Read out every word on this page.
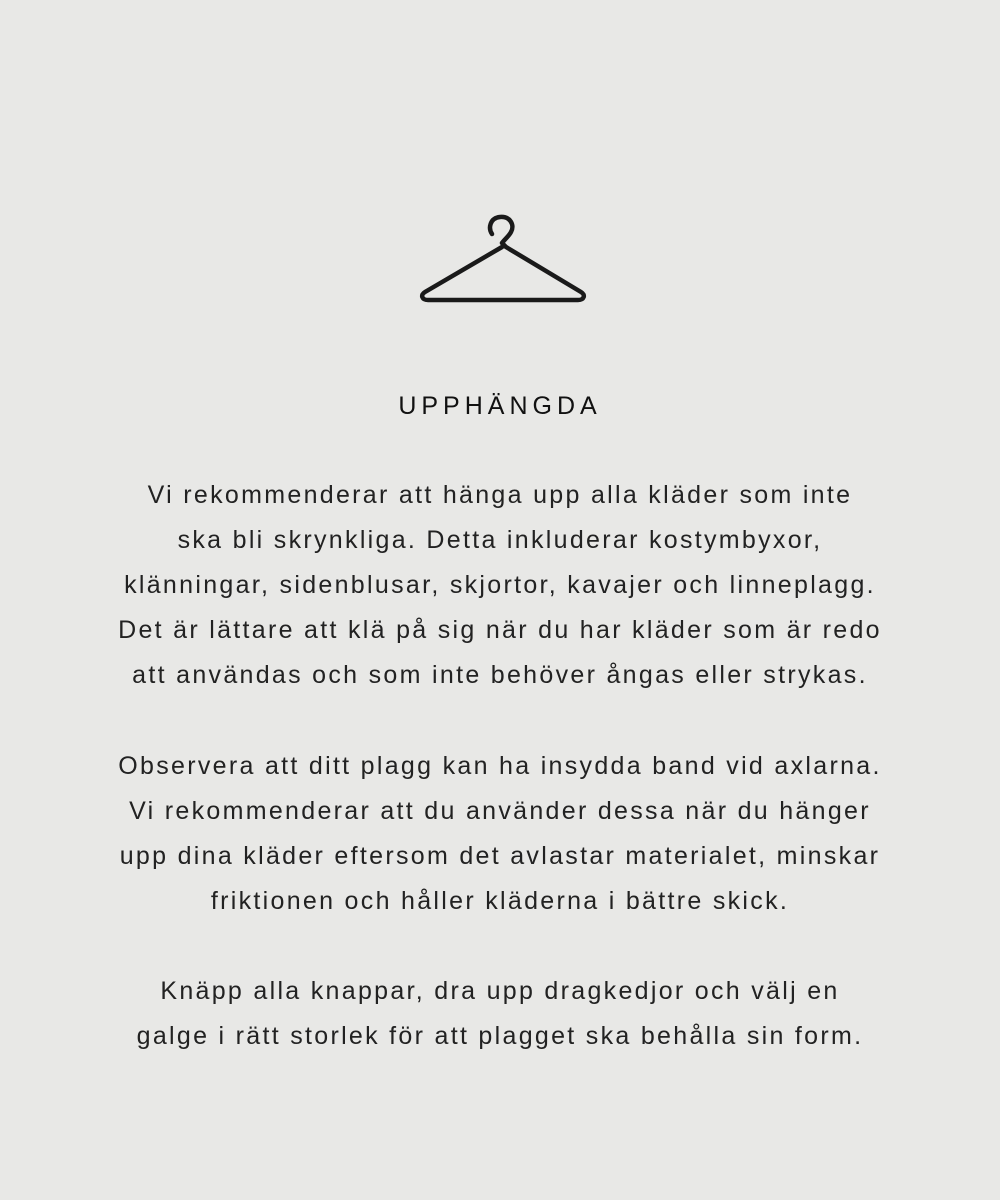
UPPHÄNGDA

Vi rekommenderar att hänga upp alla kläder som inte
ska bli skrynkliga. Detta inkluderar kostymbyxor,
klänningar, sidenblusar, skjortor, kavajer och linneplagg.
Det är lättare att klä på sig när du har kläder som är redo
att användas och som inte behöver ångas eller strykas.

Observera att ditt plagg kan ha insydda band vid axlarna.
Vi rekommenderar att du använder dessa när du hänger
upp dina kläder eftersom det avlastar materialet, minskar
friktionen och håller kläderna i bättre skick.

Knäpp alla knappar, dra upp dragkedjor och välj en
galge i rätt storlek för att plagget ska behålla sin form.
